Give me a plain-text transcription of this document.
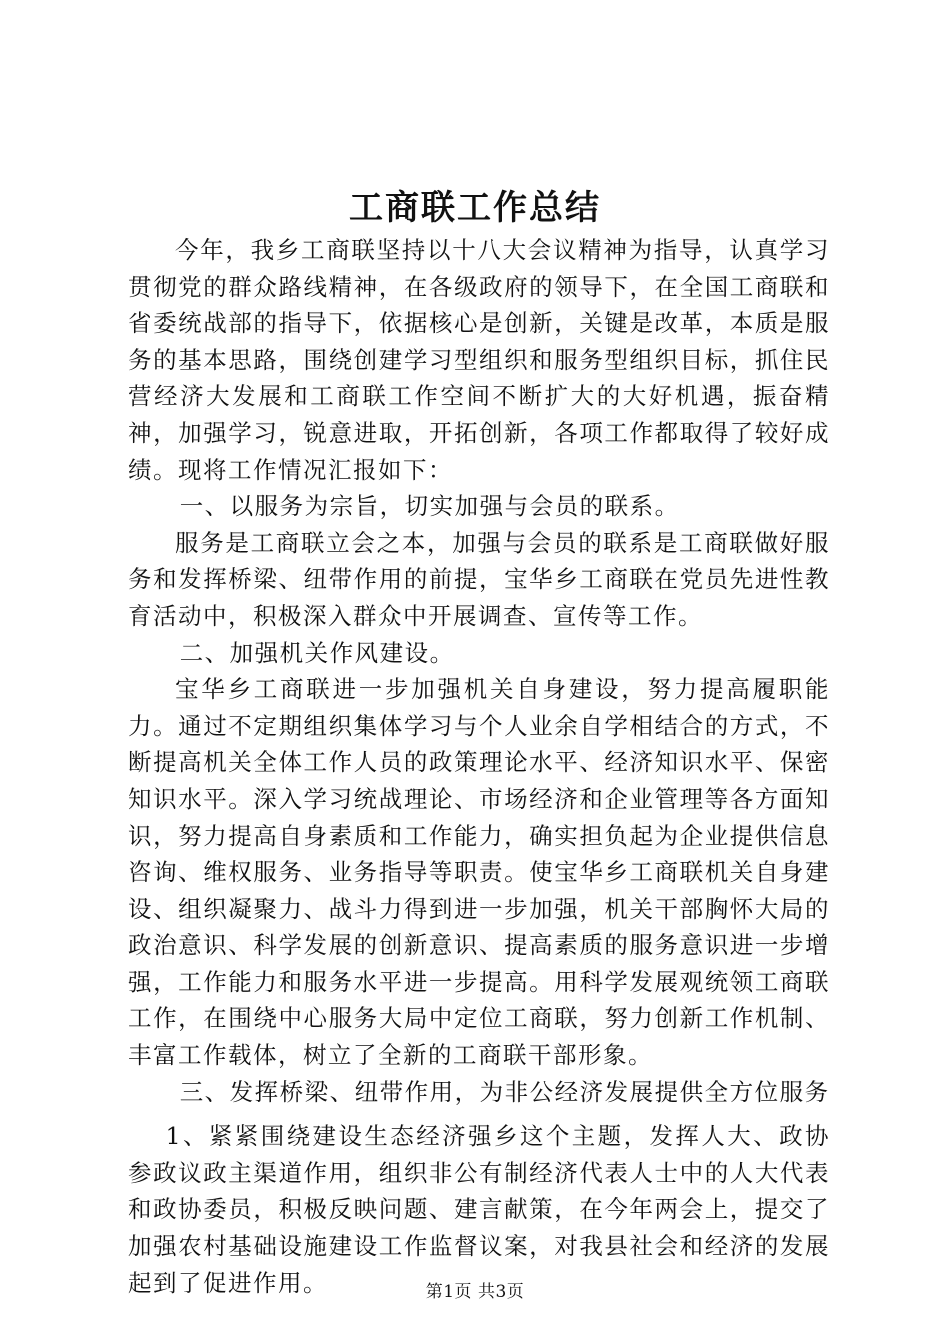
工商联工作总结

今年，我乡工商联坚持以十八大会议精神为指导，认真学习贯彻党的群众路线精神，在各级政府的领导下，在全国工商联和省委统战部的指导下，依据核心是创新，关键是改革，本质是服务的基本思路，围绕创建学习型组织和服务型组织目标，抓住民营经济大发展和工商联工作空间不断扩大的大好机遇，振奋精神，加强学习，锐意进取，开拓创新，各项工作都取得了较好成绩。现将工作情况汇报如下：

一、以服务为宗旨，切实加强与会员的联系。

服务是工商联立会之本，加强与会员的联系是工商联做好服务和发挥桥梁、纽带作用的前提，宝华乡工商联在党员先进性教育活动中，积极深入群众中开展调查、宣传等工作。

二、加强机关作风建设。

宝华乡工商联进一步加强机关自身建设，努力提高履职能力。通过不定期组织集体学习与个人业余自学相结合的方式，不断提高机关全体工作人员的政策理论水平、经济知识水平、保密知识水平。深入学习统战理论、市场经济和企业管理等各方面知识，努力提高自身素质和工作能力，确实担负起为企业提供信息咨询、维权服务、业务指导等职责。使宝华乡工商联机关自身建设、组织凝聚力、战斗力得到进一步加强，机关干部胸怀大局的政治意识、科学发展的创新意识、提高素质的服务意识进一步增强，工作能力和服务水平进一步提高。用科学发展观统领工商联工作，在围绕中心服务大局中定位工商联，努力创新工作机制、丰富工作载体，树立了全新的工商联干部形象。

三、发挥桥梁、纽带作用，为非公经济发展提供全方位服务

1、紧紧围绕建设生态经济强乡这个主题，发挥人大、政协参政议政主渠道作用，组织非公有制经济代表人士中的人大代表和政协委员，积极反映问题、建言献策，在今年两会上，提交了加强农村基础设施建设工作监督议案，对我县社会和经济的发展起到了促进作用。	第1页 共3页
